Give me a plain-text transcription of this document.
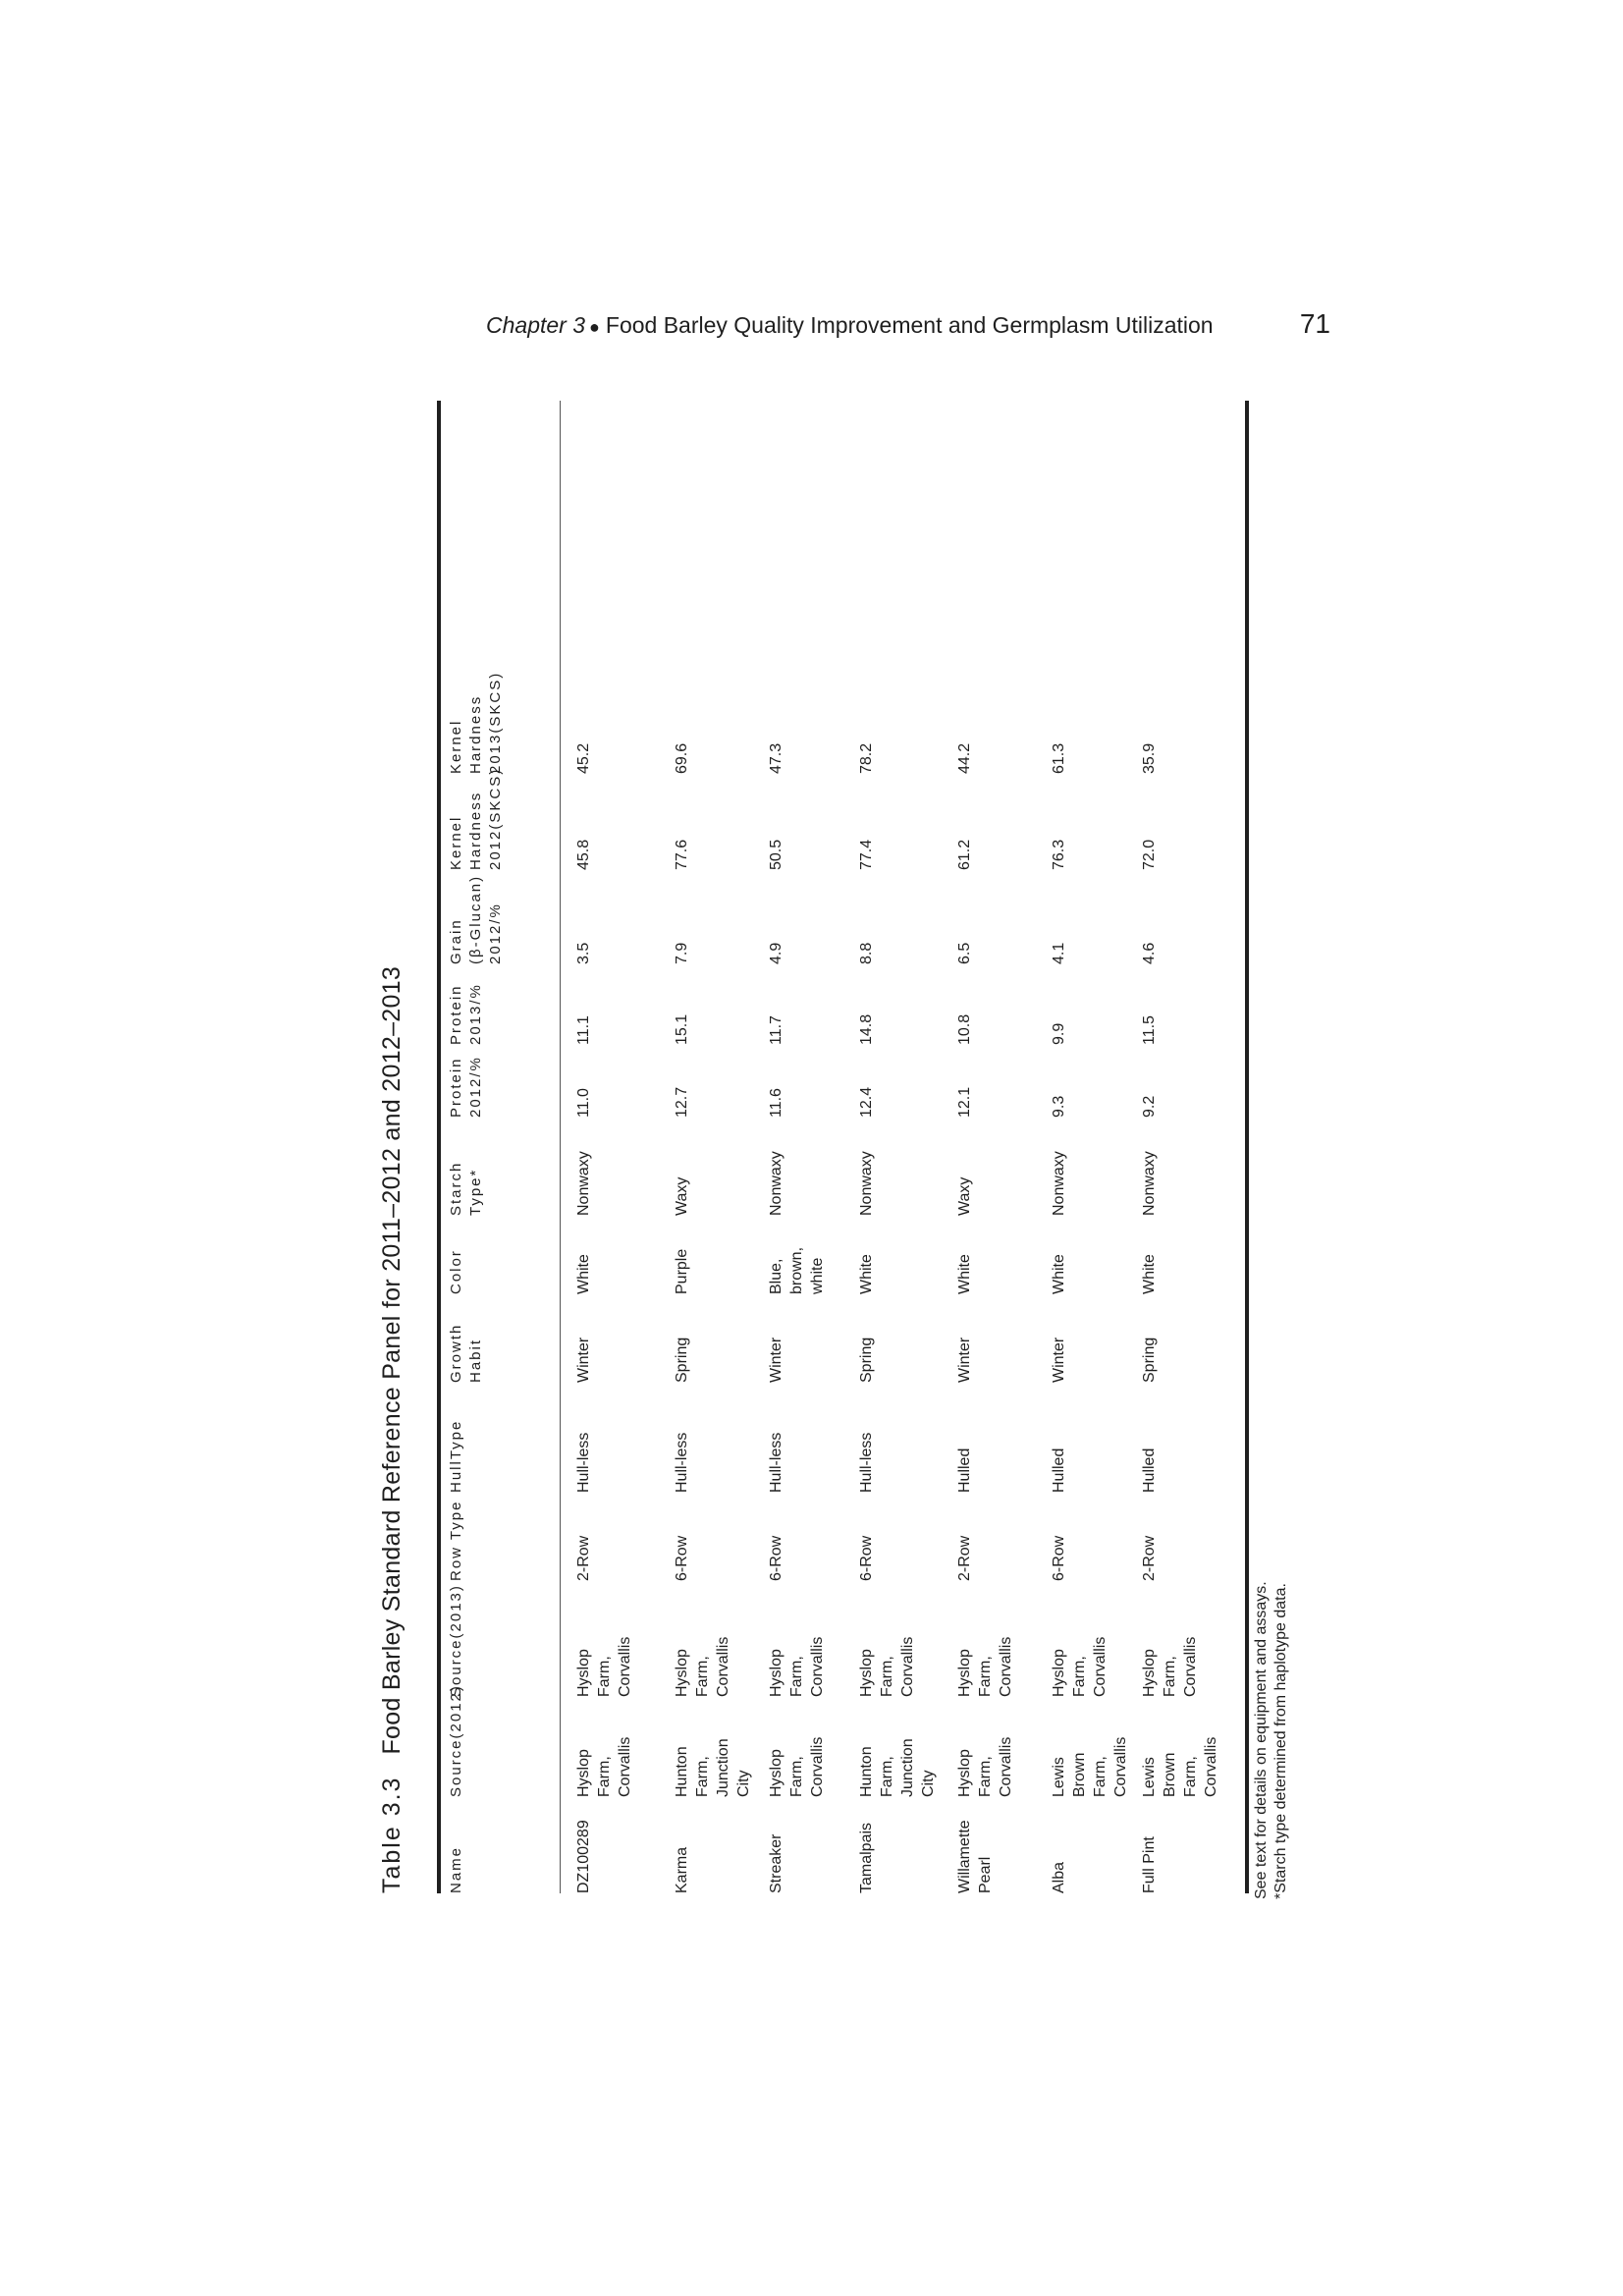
Chapter 3 ● Food Barley Quality Improvement and Germplasm Utilization	71
Table 3.3Food Barley Standard Reference Panel for 2011–2012 and 2012–2013
Name
Source(2012)
Source(2013)
Row Type
HullType
Growth
Habit
Color
Starch
Type*
Protein
2012/%
Protein
2013/%
Grain
(β-Glucan)
2012/%
Kernel
Hardness
2012(SKCS)
Kernel
Hardness
2013(SKCS)
DZ100289
Hyslop
Farm,
Corvallis
Hyslop
Farm,
Corvallis
2-Row
Hull-less
Winter
White
Nonwaxy
11.0
11.1
3.5
45.8
45.2
Karma
Hunton
Farm,
Junction
City
Hyslop
Farm,
Corvallis
6-Row
Hull-less
Spring
Purple
Waxy
12.7
15.1
7.9
77.6
69.6
Streaker
Hyslop
Farm,
Corvallis
Hyslop
Farm,
Corvallis
6-Row
Hull-less
Winter
Blue,
brown,
white
Nonwaxy
11.6
11.7
4.9
50.5
47.3
Tamalpais
Hunton
Farm,
Junction
City
Hyslop
Farm,
Corvallis
6-Row
Hull-less
Spring
White
Nonwaxy
12.4
14.8
8.8
77.4
78.2
Willamette
Pearl
Hyslop
Farm,
Corvallis
Hyslop
Farm,
Corvallis
2-Row
Hulled
Winter
White
Waxy
12.1
10.8
6.5
61.2
44.2
Alba
Lewis
Brown
Farm,
Corvallis
Hyslop
Farm,
Corvallis
6-Row
Hulled
Winter
White
Nonwaxy
9.3
9.9
4.1
76.3
61.3
Full Pint
Lewis
Brown
Farm,
Corvallis
Hyslop
Farm,
Corvallis
2-Row
Hulled
Spring
White
Nonwaxy
9.2
11.5
4.6
72.0
35.9
See text for details on equipment and assays. *Starch type determined from haplotype data.
